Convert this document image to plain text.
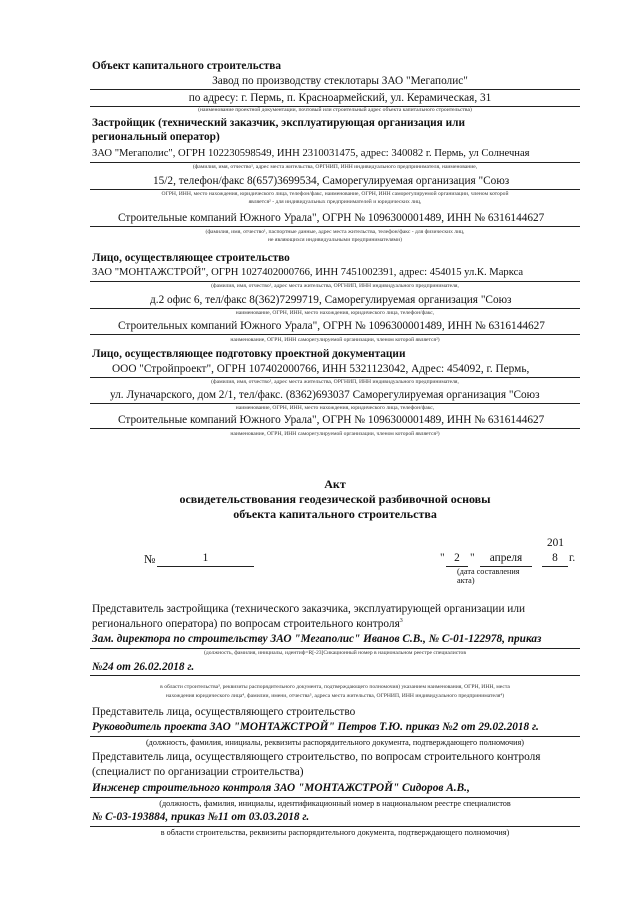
Объект капитального строительства
Завод по производству стеклотары ЗАО "Мегаполис"
по адресу: г. Пермь, п. Красноармейский, ул. Керамическая, 31
(наименование проектной документации, почтовый или строительный адрес объекта капитального строительства)
Застройщик (технический заказчик, эксплуатирующая организация или
региональный оператор)
ЗАО "Мегаполис", ОГРН 102230598549, ИНН 2310031475, адрес: 340082 г. Пермь, ул Солнечная
(фамилия, имя, отчество¹, адрес места жительства, ОРГНИП, ИНН индивидуального предпринимателя, наименование,
15/2, телефон/факс 8(657)3699534, Саморегулируемая организация "Союз
ОГРН, ИНН, место нахождения, юридического лица, телефон/факс, наименование, ОГРН, ИНН саморегулируемой организации, членом которой
является² - для индивидуальных предпринимателей и юридических лиц,
Строительные компаний Южного Урала", ОГРН № 1096300001489, ИНН № 6316144627
(фамилия, имя, отчество¹, паспортные данные, адрес места жительства, телефон/факс - для физических лиц,
не являющихся индивидуальными предпринимателями)
Лицо, осуществляющее строительство
ЗАО "МОНТАЖСТРОЙ", ОГРН 1027402000766, ИНН 7451002391, адрес: 454015 ул.К. Маркса
(фамилия, имя, отчество¹, адрес места жительства, ОРГНИП, ИНН индивидуального предпринимателя,
д.2 офис 6, тел/факс 8(362)7299719, Саморегулируемая организация "Союз
наименование, ОГРН, ИНН, место нахождения, юридического лица, телефон/факс,
Строительных компаний Южного Урала", ОГРН № 1096300001489, ИНН № 6316144627
наименование, ОГРН, ИНН саморегулируемой организации, членом которой является²)
Лицо, осуществляющее подготовку проектной документации
ООО "Стройпроект", ОГРН 107402000766, ИНН 5321123042, Адрес: 454092, г. Пермь,
(фамилия, имя, отчество¹, адрес места жительства, ОРГНИП, ИНН индивидуального предпринимателя,
ул. Луначарского, дом 2/1, тел/факс. (8362)693037 Саморегулируемая организация "Союз
наименование, ОГРН, ИНН, место нахождения, юридического лица, телефон/факс,
Строительные компаний Южного Урала", ОГРН № 1096300001489, ИНН № 6316144627
наименование, ОГРН, ИНН саморегулируемой организации, членом которой является²)
Акт
освидетельствования геодезической разбивочной основы
объекта капитального строительства
№	1	" 2 "	апреля
201
8 г.
(дата составления
акта)
Представитель застройщика (технического заказчика, эксплуатирующей организации или
регионального оператора) по вопросам строительного контроля$^3$
Зам. директора по строительству ЗАО "Мегаполис" Иванов С.В., № С-01-122978, приказ
(должность, фамилия, инициалы, идентиф=R[-23]Сикационный номер в национальном реестре специалистов
№24 от 26.02.2018 г.
в области строительства³, реквизиты распорядительного документа, подтверждающего полномочия) указанием наименования, ОГРН, ИНН, места
нахождения юридического лица⁴, фамилии, имени, отчества⁵, адреса места жительства, ОГРНИП, ИНН индивидуального предпринимателя⁴)
Представитель лица, осуществляющего строительство
Руководитель проекта ЗАО "МОНТАЖСТРОЙ" Петров Т.Ю. приказ №2 от 29.02.2018 г.
(должность, фамилия, инициалы, реквизиты распорядительного документа, подтверждающего полномочия)
Представитель лица, осуществляющего строительство, по вопросам строительного контроля
(специалист по организации строительства)
Инженер строительного контроля ЗАО "МОНТАЖСТРОЙ" Сидоров А.В.,
(должность, фамилия, инициалы, идентификационный номер в национальном реестре специалистов
№ С-03-193884, приказ №11 от 03.03.2018 г.
в области строительства, реквизиты распорядительного документа, подтверждающего полномочия)
